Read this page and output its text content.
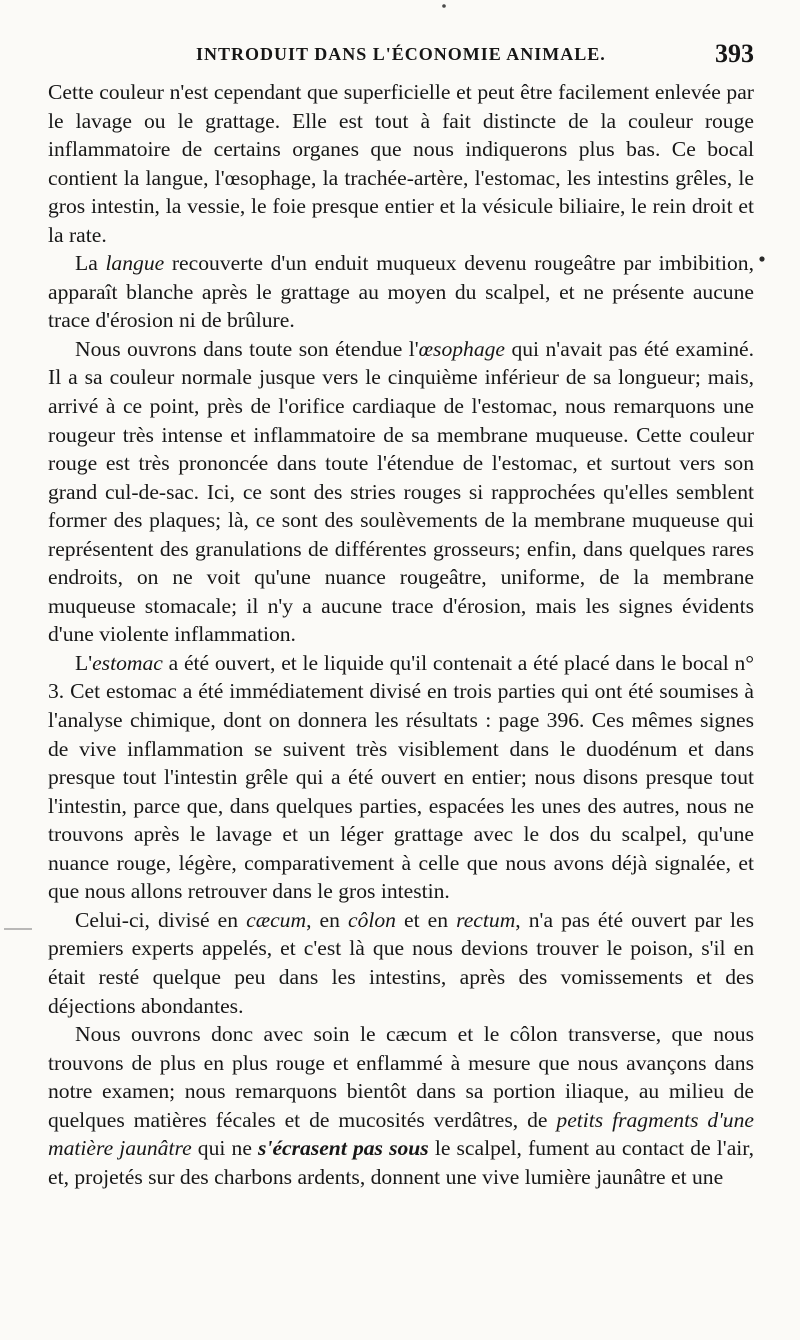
INTRODUIT DANS L'ÉCONOMIE ANIMALE.	393

Cette couleur n'est cependant que superficielle et peut être facilement enlevée par le lavage ou le grattage. Elle est tout à fait distincte de la couleur rouge inflammatoire de certains organes que nous indiquerons plus bas. Ce bocal contient la langue, l'œsophage, la trachée-artère, l'estomac, les intestins grêles, le gros intestin, la vessie, le foie presque entier et la vésicule biliaire, le rein droit et la rate.

La langue recouverte d'un enduit muqueux devenu rougeâtre par imbibition, apparaît blanche après le grattage au moyen du scalpel, et ne présente aucune trace d'érosion ni de brûlure.

Nous ouvrons dans toute son étendue l'œsophage qui n'avait pas été examiné. Il a sa couleur normale jusque vers le cinquième inférieur de sa longueur; mais, arrivé à ce point, près de l'orifice cardiaque de l'estomac, nous remarquons une rougeur très intense et inflammatoire de sa membrane muqueuse. Cette couleur rouge est très prononcée dans toute l'étendue de l'estomac, et surtout vers son grand cul-de-sac. Ici, ce sont des stries rouges si rapprochées qu'elles semblent former des plaques; là, ce sont des soulèvements de la membrane muqueuse qui représentent des granulations de différentes grosseurs; enfin, dans quelques rares endroits, on ne voit qu'une nuance rougeâtre, uniforme, de la membrane muqueuse stomacale; il n'y a aucune trace d'érosion, mais les signes évidents d'une violente inflammation.

L'estomac a été ouvert, et le liquide qu'il contenait a été placé dans le bocal n° 3. Cet estomac a été immédiatement divisé en trois parties qui ont été soumises à l'analyse chimique, dont on donnera les résultats : page 396. Ces mêmes signes de vive inflammation se suivent très visiblement dans le duodénum et dans presque tout l'intestin grêle qui a été ouvert en entier; nous disons presque tout l'intestin, parce que, dans quelques parties, espacées les unes des autres, nous ne trouvons après le lavage et un léger grattage avec le dos du scalpel, qu'une nuance rouge, légère, comparativement à celle que nous avons déjà signalée, et que nous allons retrouver dans le gros intestin.

Celui-ci, divisé en cæcum, en côlon et en rectum, n'a pas été ouvert par les premiers experts appelés, et c'est là que nous devions trouver le poison, s'il en était resté quelque peu dans les intestins, après des vomissements et des déjections abondantes.

Nous ouvrons donc avec soin le cæcum et le côlon transverse, que nous trouvons de plus en plus rouge et enflammé à mesure que nous avançons dans notre examen; nous remarquons bientôt dans sa portion iliaque, au milieu de quelques matières fécales et de mucosités verdâtres, de petits fragments d'une matière jaunâtre qui ne s'écrasent pas sous le scalpel, fument au contact de l'air, et, projetés sur des charbons ardents, donnent une vive lumière jaunâtre et une
